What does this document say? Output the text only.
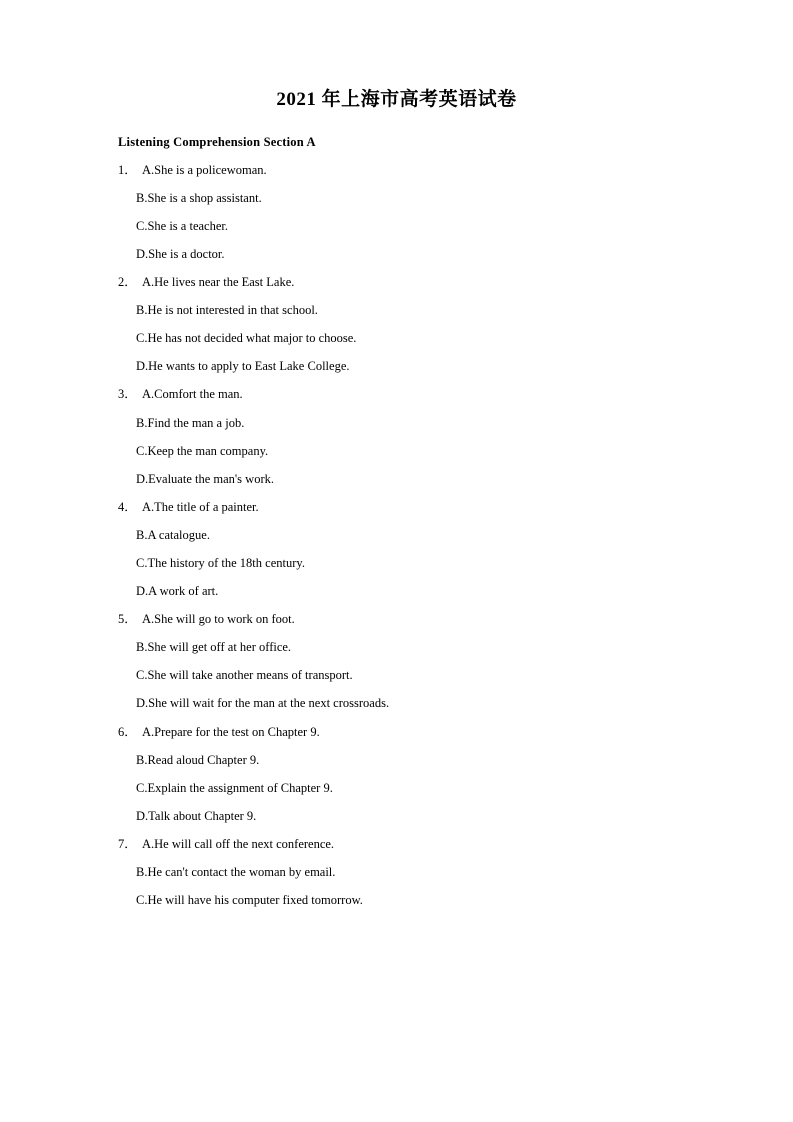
2021 年上海市高考英语试卷
Listening Comprehension Section A
1． A.She is a policewoman.
B.She is a shop assistant.
C.She is a teacher.
D.She is a doctor.
2． A.He lives near the East Lake.
B.He is not interested in that school.
C.He has not decided what major to choose.
D.He wants to apply to East Lake College.
3． A.Comfort the man.
B.Find the man a job.
C.Keep the man company.
D.Evaluate the man's work.
4． A.The title of a painter.
B.A catalogue.
C.The history of the 18th century.
D.A work of art.
5． A.She will go to work on foot.
B.She will get off at her office.
C.She will take another means of transport.
D.She will wait for the man at the next crossroads.
6． A.Prepare for the test on Chapter 9.
B.Read aloud Chapter 9.
C.Explain the assignment of Chapter 9.
D.Talk about Chapter 9.
7． A.He will call off the next conference.
B.He can't contact the woman by email.
C.He will have his computer fixed tomorrow.
